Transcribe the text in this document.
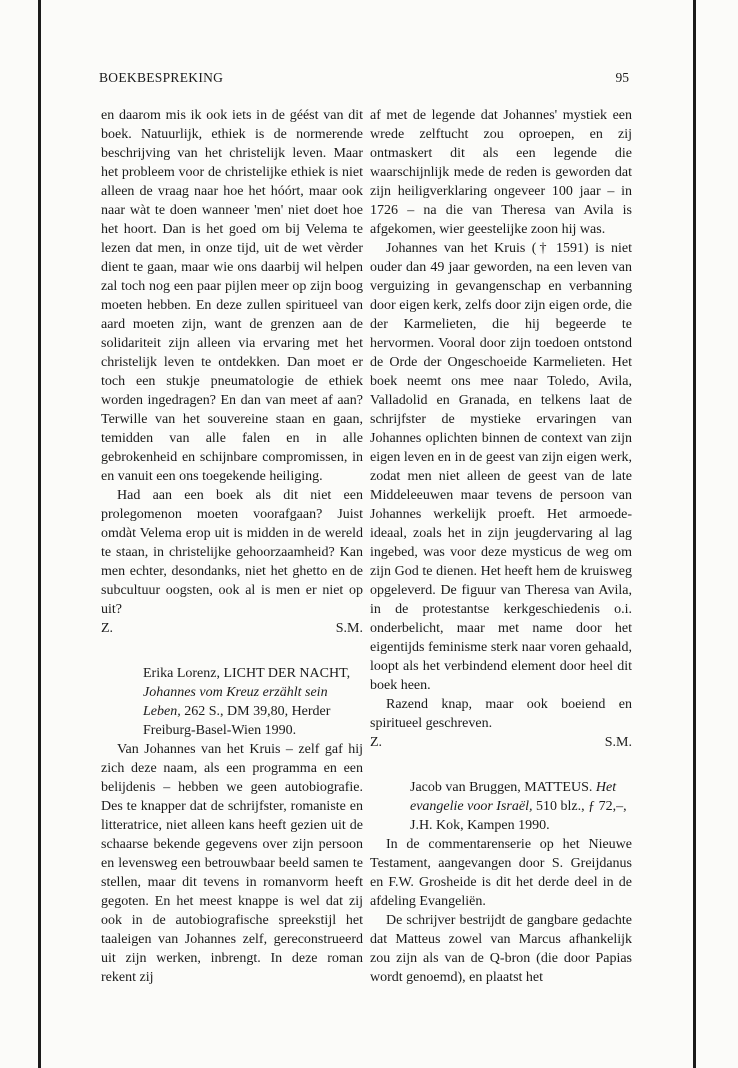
BOEKBESPREKING	95

en daarom mis ik ook iets in de géést van dit boek. Natuurlijk, ethiek is de normerende beschrijving van het christelijk leven. Maar het probleem voor de christelijke ethiek is niet alleen de vraag naar hoe het hóórt, maar ook naar wàt te doen wanneer 'men' niet doet hoe het hoort. Dan is het goed om bij Velema te lezen dat men, in onze tijd, uit de wet vèrder dient te gaan, maar wie ons daarbij wil helpen zal toch nog een paar pijlen meer op zijn boog moeten hebben. En deze zullen spiritueel van aard moeten zijn, want de grenzen aan de solidariteit zijn alleen via ervaring met het christelijk leven te ontdekken. Dan moet er toch een stukje pneumatologie de ethiek worden ingedragen? En dan van meet af aan? Terwille van het souvereine staan en gaan, temidden van alle falen en in alle gebrokenheid en schijnbare compromissen, in en vanuit een ons toegekende heiliging.

Had aan een boek als dit niet een prolegomenon moeten voorafgaan? Juist omdàt Velema erop uit is midden in de wereld te staan, in christelijke gehoorzaamheid? Kan men echter, desondanks, niet het ghetto en de subcultuur oogsten, ook al is men er niet op uit?

Z.	S.M.
Erika Lorenz, LICHT DER NACHT, Johannes vom Kreuz erzählt sein Leben, 262 S., DM 39,80, Herder Freiburg-Basel-Wien 1990.

Van Johannes van het Kruis – zelf gaf hij zich deze naam, als een programma en een belijdenis – hebben we geen autobiografie. Des te knapper dat de schrijfster, romaniste en litteratrice, niet alleen kans heeft gezien uit de schaarse bekende gegevens over zijn persoon en levensweg een betrouwbaar beeld samen te stellen, maar dit tevens in romanvorm heeft gegoten. En het meest knappe is wel dat zij ook in de autobiografische spreekstijl het taaleigen van Johannes zelf, gereconstrueerd uit zijn werken, inbrengt. In deze roman rekent zij

af met de legende dat Johannes' mystiek een wrede zelftucht zou oproepen, en zij ontmaskert dit als een legende die waarschijnlijk mede de reden is geworden dat zijn heiligverklaring ongeveer 100 jaar – in 1726 – na die van Theresa van Avila is afgekomen, wier geestelijke zoon hij was.

Johannes van het Kruis († 1591) is niet ouder dan 49 jaar geworden, na een leven van verguizing in gevangenschap en verbanning door eigen kerk, zelfs door zijn eigen orde, die der Karmelieten, die hij begeerde te hervormen. Vooral door zijn toedoen ontstond de Orde der Ongeschoeide Karmelieten. Het boek neemt ons mee naar Toledo, Avila, Valladolid en Granada, en telkens laat de schrijfster de mystieke ervaringen van Johannes oplichten binnen de context van zijn eigen leven en in de geest van zijn eigen werk, zodat men niet alleen de geest van de late Middeleeuwen maar tevens de persoon van Johannes werkelijk proeft. Het armoede-ideaal, zoals het in zijn jeugdervaring al lag ingebed, was voor deze mysticus de weg om zijn God te dienen. Het heeft hem de kruisweg opgeleverd. De figuur van Theresa van Avila, in de protestantse kerkgeschiedenis o.i. onderbelicht, maar met name door het eigentijds feminisme sterk naar voren gehaald, loopt als het verbindend element door heel dit boek heen.

Razend knap, maar ook boeiend en spiritueel geschreven.

Z.	S.M.
Jacob van Bruggen, MATTEUS. Het evangelie voor Israël, 510 blz., ƒ 72,–, J.H. Kok, Kampen 1990.

In de commentarenserie op het Nieuwe Testament, aangevangen door S. Greijdanus en F.W. Grosheide is dit het derde deel in de afdeling Evangeliën.

De schrijver bestrijdt de gangbare gedachte dat Matteus zowel van Marcus afhankelijk zou zijn als van de Q-bron (die door Papias wordt genoemd), en plaatst het
